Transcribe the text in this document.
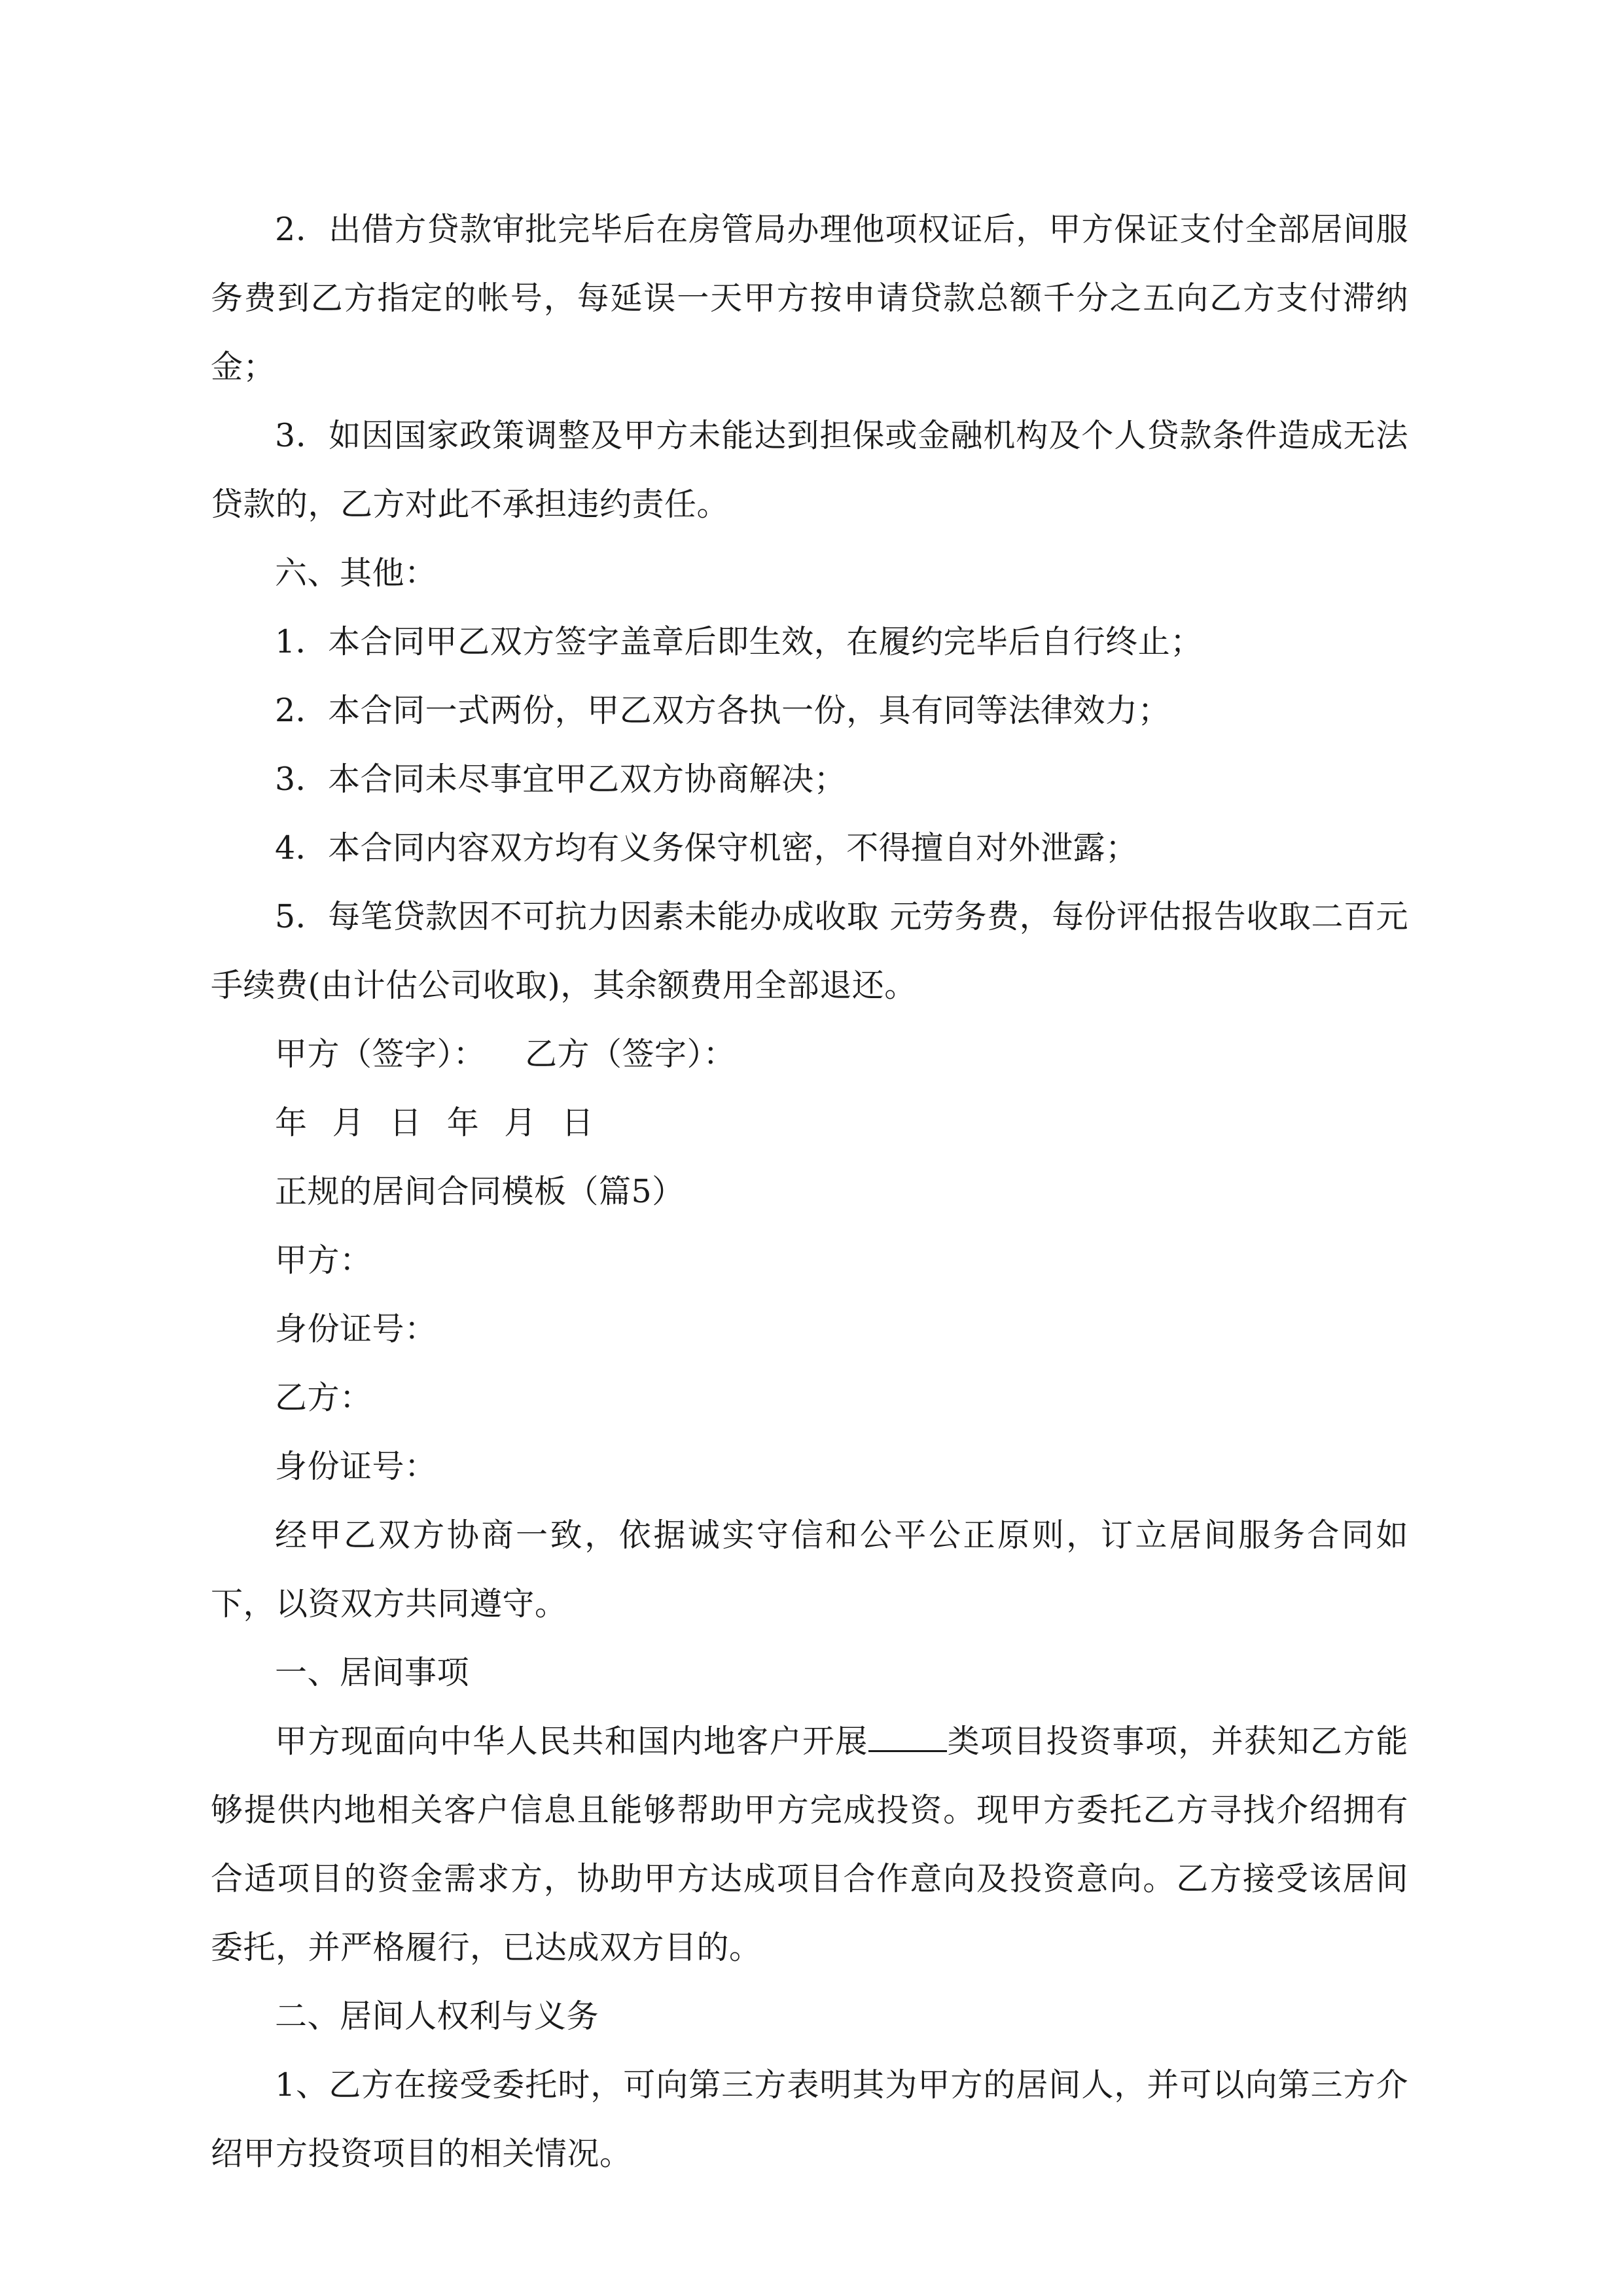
2．出借方贷款审批完毕后在房管局办理他项权证后，甲方保证支付全部居间服务费到乙方指定的帐号，每延误一天甲方按申请贷款总额千分之五向乙方支付滞纳金；

3．如因国家政策调整及甲方未能达到担保或金融机构及个人贷款条件造成无法贷款的，乙方对此不承担违约责任。

六、其他：

1．本合同甲乙双方签字盖章后即生效，在履约完毕后自行终止；

2．本合同一式两份，甲乙双方各执一份，具有同等法律效力；

3．本合同未尽事宜甲乙双方协商解决；

4．本合同内容双方均有义务保守机密，不得擅自对外泄露；

5．每笔贷款因不可抗力因素未能办成收取 元劳务费，每份评估报告收取二百元手续费(由计估公司收取)，其余额费用全部退还。

甲方（签字）： 乙方（签字）：

年 月 日 年 月 日

正规的居间合同模板（篇5）

甲方：

身份证号：

乙方：

身份证号：

经甲乙双方协商一致，依据诚实守信和公平公正原则，订立居间服务合同如下，以资双方共同遵守。

一、居间事项

甲方现面向中华人民共和国内地客户开展 类项目投资事项，并获知乙方能够提供内地相关客户信息且能够帮助甲方完成投资。现甲方委托乙方寻找介绍拥有合适项目的资金需求方，协助甲方达成项目合作意向及投资意向。乙方接受该居间委托，并严格履行，已达成双方目的。

二、居间人权利与义务

1、乙方在接受委托时，可向第三方表明其为甲方的居间人，并可以向第三方介绍甲方投资项目的相关情况。
